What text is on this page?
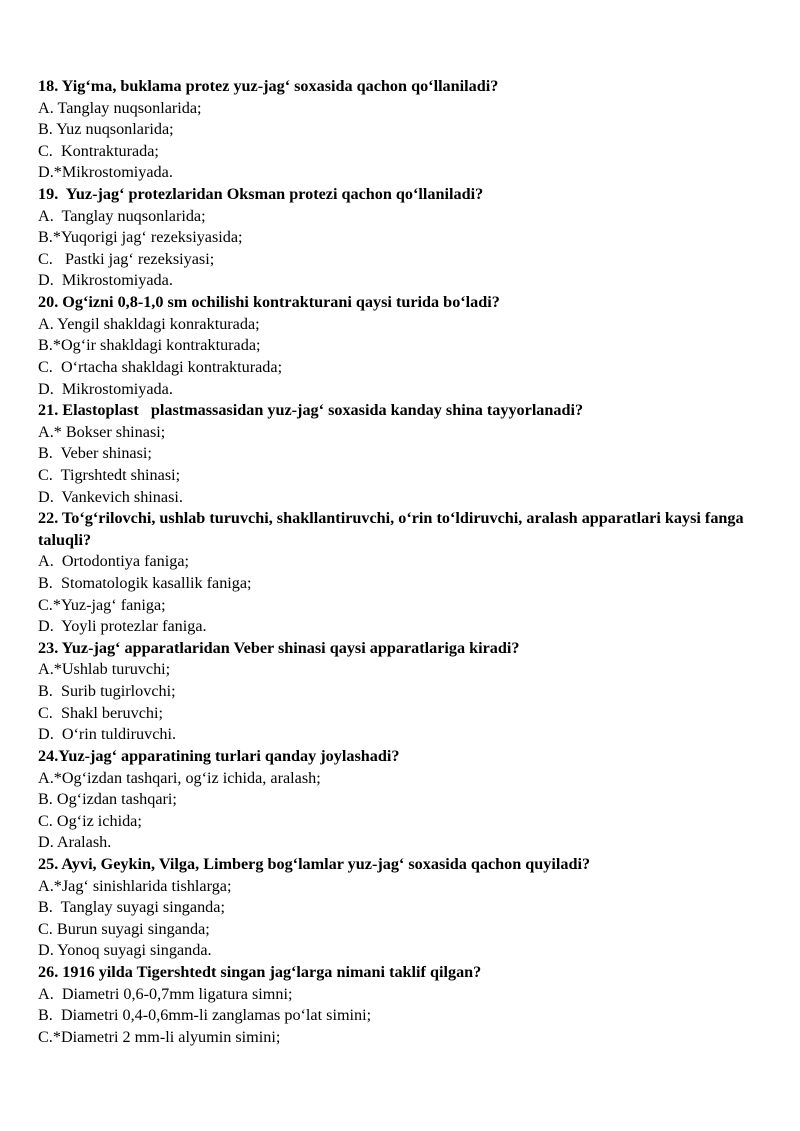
18. Yig‘ma, buklama protez yuz-jag‘ soxasida qachon qo‘llaniladi?
A. Tanglay nuqsonlarida;
B. Yuz nuqsonlarida;
C.  Kontrakturada;
D.*Mikrostomiyada.
19.  Yuz-jag‘ protezlaridan Oksman protezi qachon qo‘llaniladi?
A.  Tanglay nuqsonlarida;
B.*Yuqorigi jag‘ rezeksiyasida;
C.   Pastki jag‘ rezeksiyasi;
D.  Mikrostomiyada.
20. Og‘izni 0,8-1,0 sm ochilishi kontrakturani qaysi turida bo‘ladi?
A. Yengil shakldagi konrakturada;
B.*Og‘ir shakldagi kontrakturada;
C.  O‘rtacha shakldagi kontrakturada;
D.  Mikrostomiyada.
21. Elastoplast   plastmassasidan yuz-jag‘ soxasida kanday shina tayyorlanadi?
A.* Bokser shinasi;
B.  Veber shinasi;
C.  Tigrshtedt shinasi;
D.  Vankevich shinasi.
22. To‘g‘rilovchi, ushlab turuvchi, shakllantiruvchi, o‘rin to‘ldiruvchi, aralash apparatlari kaysi fanga taluqli?
A.  Ortodontiya faniga;
B.  Stomatologik kasallik faniga;
C.*Yuz-jag‘ faniga;
D.  Yoyli protezlar faniga.
23. Yuz-jag‘ apparatlaridan Veber shinasi qaysi apparatlariga kiradi?
A.*Ushlab turuvchi;
B.  Surib tugirlovchi;
C.  Shakl beruvchi;
D.  O‘rin tuldiruvchi.
24.Yuz-jag‘ apparatining turlari qanday joylashadi?
A.*Og‘izdan tashqari, og‘iz ichida, aralash;
B. Og‘izdan tashqari;
C. Og‘iz ichida;
D. Aralash.
25. Ayvi, Geykin, Vilga, Limberg bog‘lamlar yuz-jag‘ soxasida qachon quyiladi?
A.*Jag‘ sinishlarida tishlarga;
B.  Tanglay suyagi singanda;
C. Burun suyagi singanda;
D. Yonoq suyagi singanda.
26. 1916 yilda Tigershtedt singan jag‘larga nimani taklif qilgan?
A.  Diametri 0,6-0,7mm ligatura simni;
B.  Diametri 0,4-0,6mm-li zanglamas po‘lat simini;
C.*Diametri 2 mm-li alyumin simini;
